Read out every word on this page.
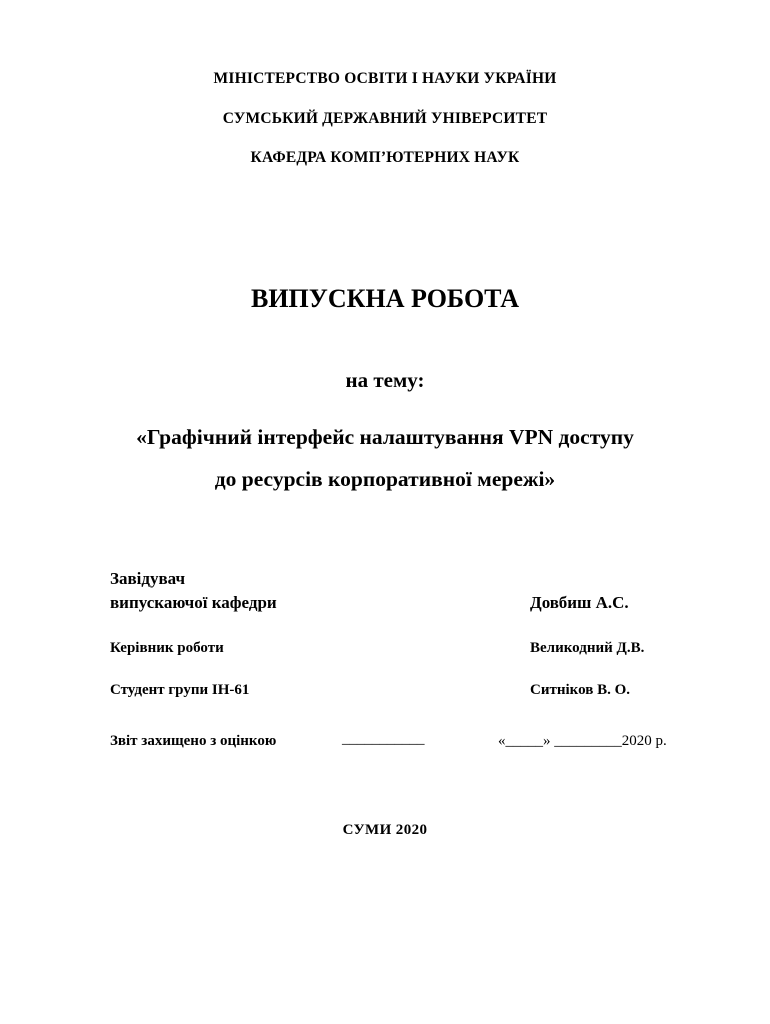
МІНІСТЕРСТВО ОСВІТИ І НАУКИ УКРАЇНИ
СУМСЬКИЙ ДЕРЖАВНИЙ УНІВЕРСИТЕТ
КАФЕДРА КОМП’ЮТЕРНИХ НАУК
ВИПУСКНА РОБОТА
на тему:
«Графічний інтерфейс налаштування VPN доступу
до ресурсів корпоративної мережі»
Завідувач
випускаючої кафедри	Довбиш А.С.
Керівник роботи	Великодний Д.В.
Студент групи ІН-61	Ситніков В. О.
Звіт захищено з оцінкою	___________	«_____» _________2020 р.
СУМИ 2020
